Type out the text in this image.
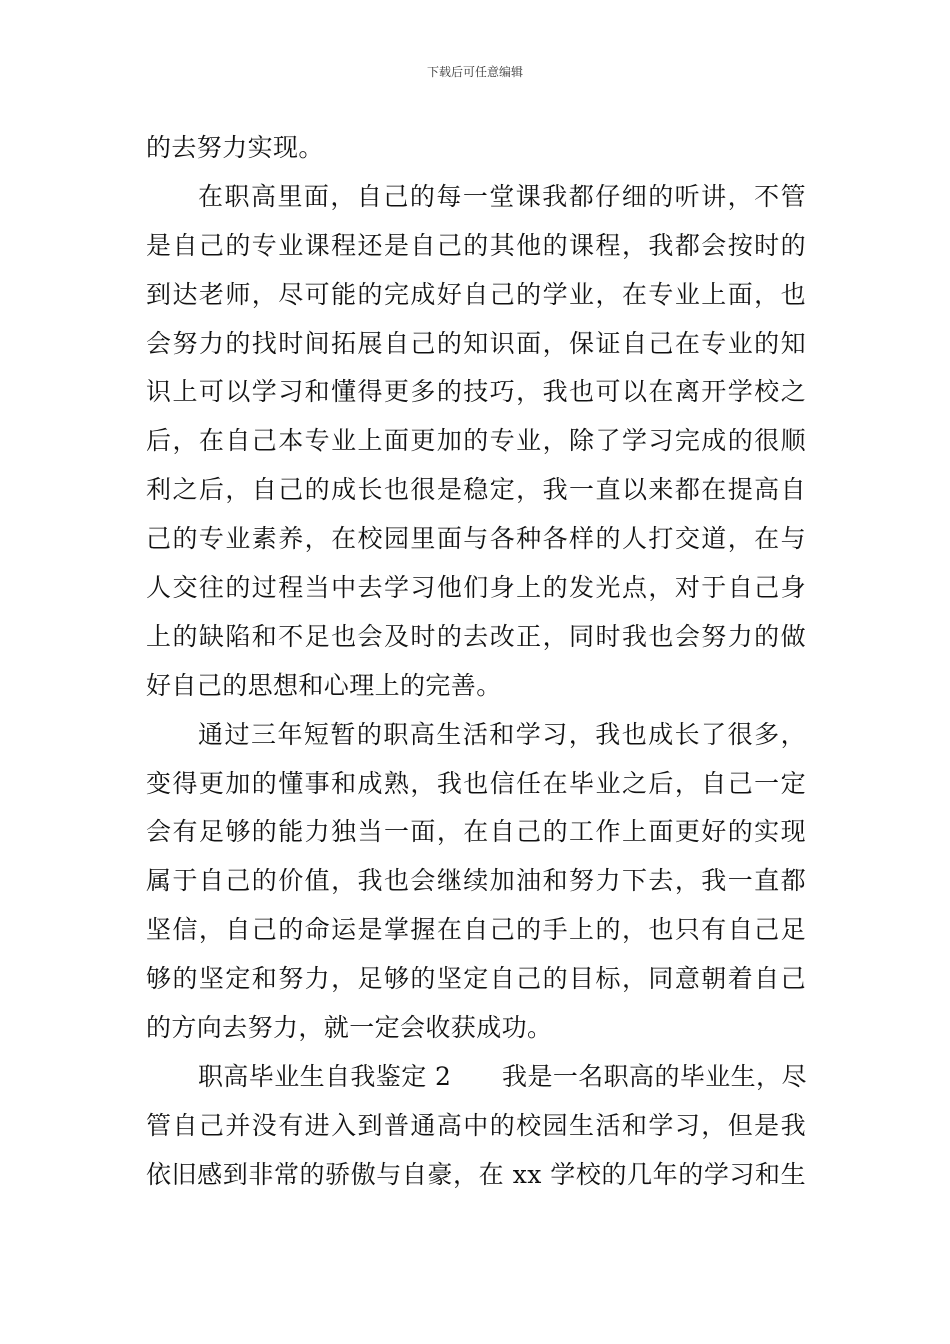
下载后可任意编辑
的去努力实现。
在职高里面，自己的每一堂课我都仔细的听讲，不管
是自己的专业课程还是自己的其他的课程，我都会按时的
到达老师，尽可能的完成好自己的学业，在专业上面，也
会努力的找时间拓展自己的知识面，保证自己在专业的知
识上可以学习和懂得更多的技巧，我也可以在离开学校之
后，在自己本专业上面更加的专业，除了学习完成的很顺
利之后，自己的成长也很是稳定，我一直以来都在提高自
己的专业素养，在校园里面与各种各样的人打交道，在与
人交往的过程当中去学习他们身上的发光点，对于自己身
上的缺陷和不足也会及时的去改正，同时我也会努力的做
好自己的思想和心理上的完善。
通过三年短暂的职高生活和学习，我也成长了很多，
变得更加的懂事和成熟，我也信任在毕业之后，自己一定
会有足够的能力独当一面，在自己的工作上面更好的实现
属于自己的价值，我也会继续加油和努力下去，我一直都
坚信，自己的命运是掌握在自己的手上的，也只有自己足
够的坚定和努力，足够的坚定自己的目标，同意朝着自己
的方向去努力，就一定会收获成功。
职高毕业生自我鉴定 2　　我是一名职高的毕业生，尽
管自己并没有进入到普通高中的校园生活和学习，但是我
依旧感到非常的骄傲与自豪，在 xx 学校的几年的学习和生
